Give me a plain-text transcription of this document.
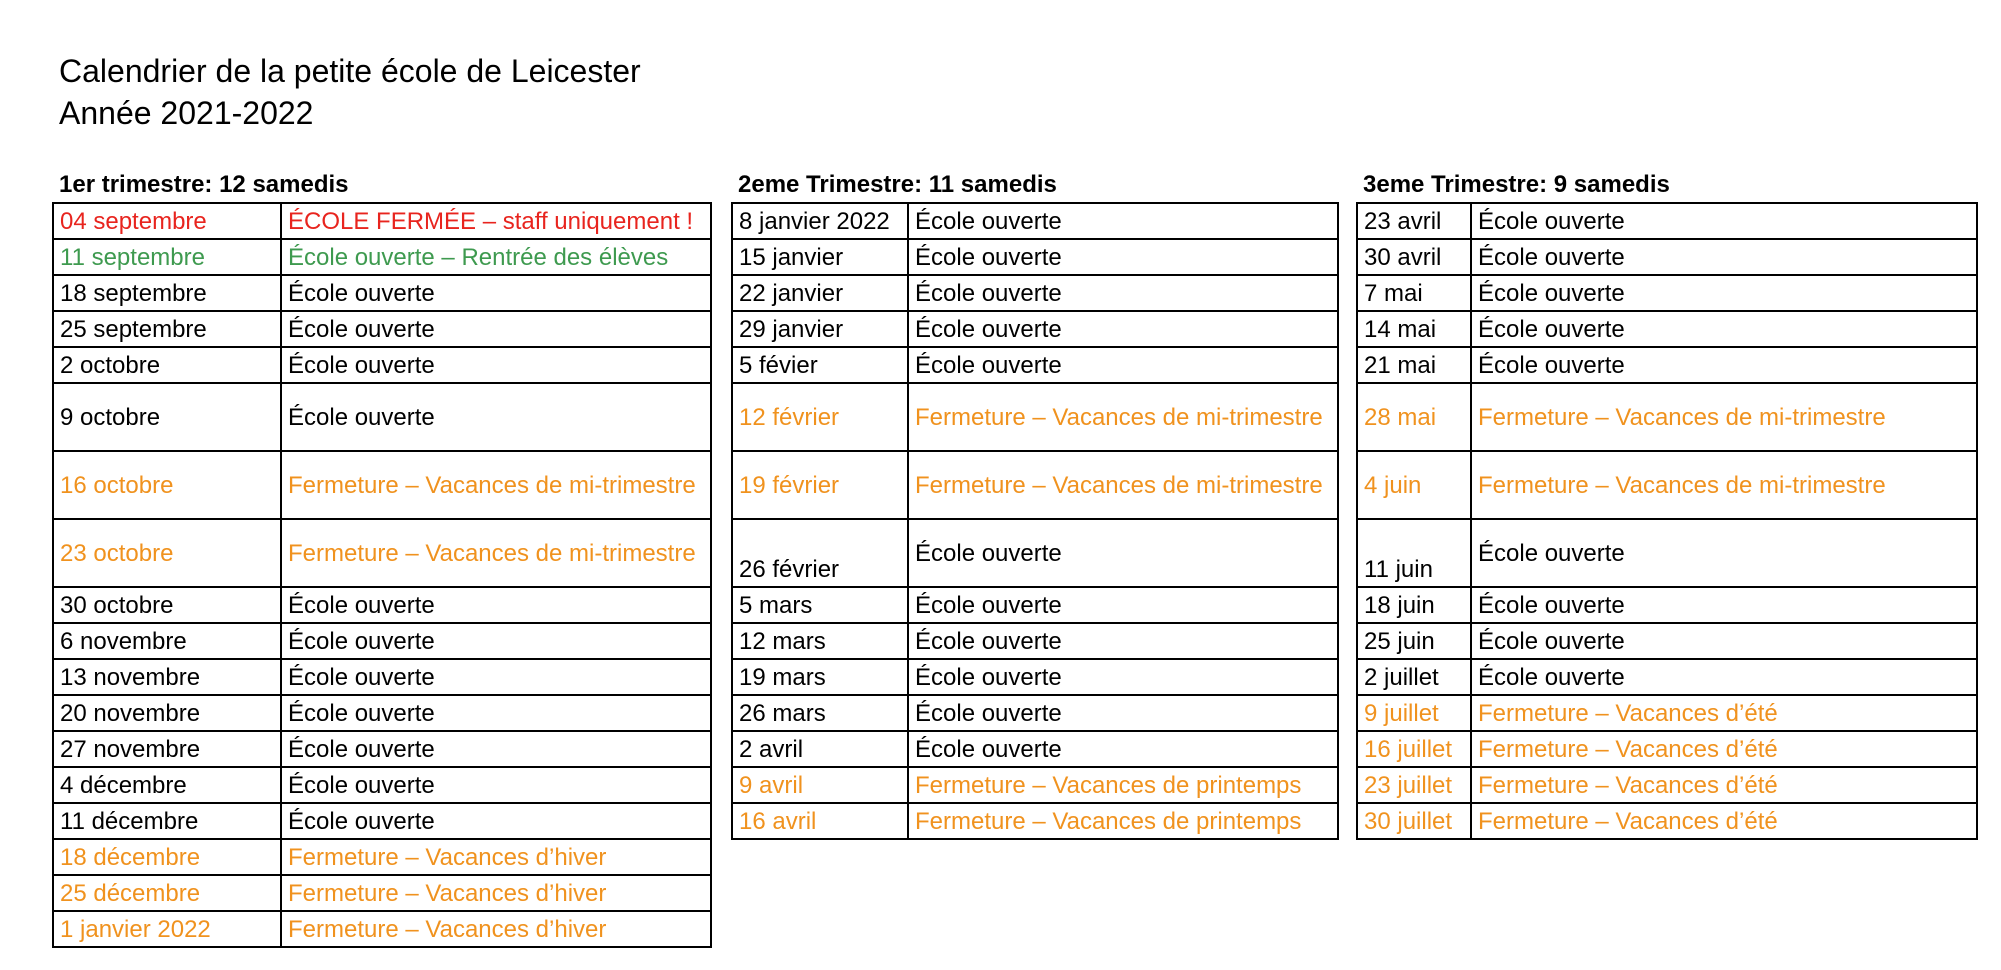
Calendrier de la petite école de Leicester
Année 2021-2022
1er trimestre: 12 samedis
04 septembre	ÉCOLE FERMÉE – staff uniquement !
11 septembre	École ouverte – Rentrée des élèves
18 septembre	École ouverte
25 septembre	École ouverte
2 octobre	École ouverte
9 octobre	École ouverte
16 octobre	Fermeture – Vacances de mi-trimestre
23 octobre	Fermeture – Vacances de mi-trimestre
30 octobre	École ouverte
6 novembre	École ouverte
13 novembre	École ouverte
20 novembre	École ouverte
27 novembre	École ouverte
4 décembre	École ouverte
11 décembre	École ouverte
18 décembre	Fermeture – Vacances d’hiver
25 décembre	Fermeture – Vacances d’hiver
1 janvier 2022	Fermeture – Vacances d’hiver
2eme Trimestre: 11 samedis
8 janvier 2022	École ouverte
15 janvier	École ouverte
22 janvier	École ouverte
29 janvier	École ouverte
5 févier	École ouverte
12 février	Fermeture – Vacances de mi-trimestre
19 février	Fermeture – Vacances de mi-trimestre
26 février	École ouverte
5 mars	École ouverte
12 mars	École ouverte
19 mars	École ouverte
26 mars	École ouverte
2 avril	École ouverte
9 avril	Fermeture – Vacances de printemps
16 avril	Fermeture – Vacances de printemps
3eme Trimestre: 9 samedis
23 avril	École ouverte
30 avril	École ouverte
7 mai	École ouverte
14 mai	École ouverte
21 mai	École ouverte
28 mai	Fermeture – Vacances de mi-trimestre
4 juin	Fermeture – Vacances de mi-trimestre
11 juin	École ouverte
18 juin	École ouverte
25 juin	École ouverte
2 juillet	École ouverte
9 juillet	Fermeture – Vacances d’été
16 juillet	Fermeture – Vacances d’été
23 juillet	Fermeture – Vacances d’été
30 juillet	Fermeture – Vacances d’été
